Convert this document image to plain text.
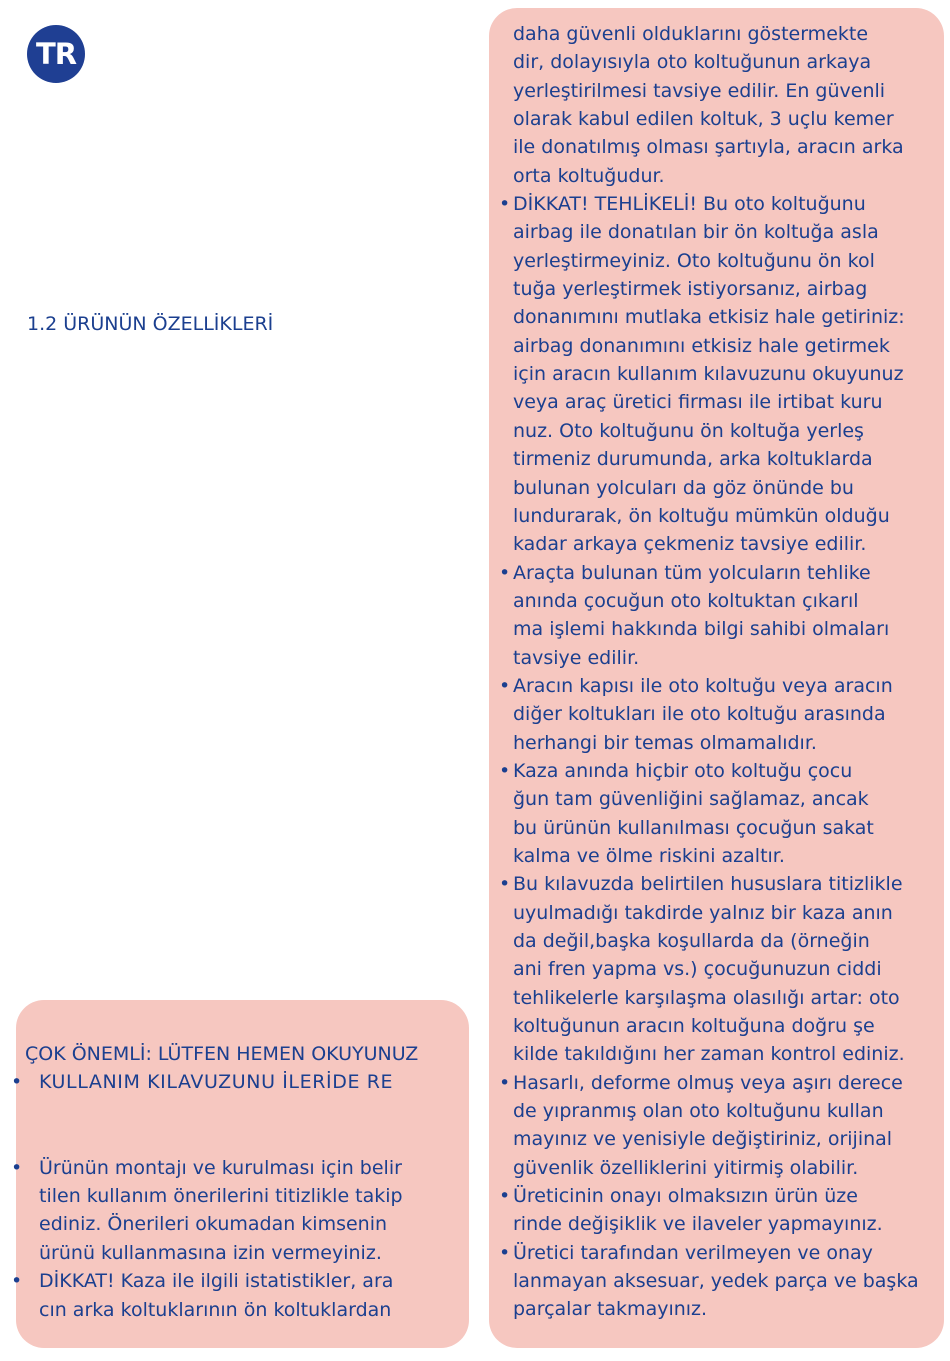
TR
1.2 ÜRÜNÜN ÖZELLİKLERİ
ÇOK ÖNEMLİ: LÜTFEN HEMEN OKUYUNUZ
• KULLANIM KILAVUZUNU İLERİDE RE
• Ürünün montajı ve kurulması için belir
tilen kullanım önerilerini titizlikle takip
ediniz. Önerileri okumadan kimsenin
ürünü kullanmasına izin vermeyiniz.
• DİKKAT! Kaza ile ilgili istatistikler, ara
cın arka koltuklarının ön koltuklardan
daha güvenli olduklarını göstermekte
dir, dolayısıyla oto koltuğunun arkaya
yerleştirilmesi tavsiye edilir. En güvenli
olarak kabul edilen koltuk, 3 uçlu kemer
ile donatılmış olması şartıyla, aracın arka
orta koltuğudur.
• DİKKAT! TEHLİKELİ! Bu oto koltuğunu
airbag ile donatılan bir ön koltuğa asla
yerleştirmeyiniz. Oto koltuğunu ön kol
tuğa yerleştirmek istiyorsanız, airbag
donanımını mutlaka etkisiz hale getiriniz:
airbag donanımını etkisiz hale getirmek
için aracın kullanım kılavuzunu okuyunuz
veya araç üretici firması ile irtibat kuru
nuz. Oto koltuğunu ön koltuğa yerleş
tirmeniz durumunda, arka koltuklarda
bulunan yolcuları da göz önünde bu
lundurarak, ön koltuğu mümkün olduğu
kadar arkaya çekmeniz tavsiye edilir.
• Araçta bulunan tüm yolcuların tehlike
anında çocuğun oto koltuktan çıkarıl
ma işlemi hakkında bilgi sahibi olmaları
tavsiye edilir.
• Aracın kapısı ile oto koltuğu veya aracın
diğer koltukları ile oto koltuğu arasında
herhangi bir temas olmamalıdır.
• Kaza anında hiçbir oto koltuğu çocu
ğun tam güvenliğini sağlamaz, ancak
bu ürünün kullanılması çocuğun sakat
kalma ve ölme riskini azaltır.
• Bu kılavuzda belirtilen hususlara titizlikle
uyulmadığı takdirde yalnız bir kaza anın
da değil,başka koşullarda da (örneğin
ani fren yapma vs.) çocuğunuzun ciddi
tehlikelerle karşılaşma olasılığı artar: oto
koltuğunun aracın koltuğuna doğru şe
kilde takıldığını her zaman kontrol ediniz.
• Hasarlı, deforme olmuş veya aşırı derece
de yıpranmış olan oto koltuğunu kullan
mayınız ve yenisiyle değiştiriniz, orijinal
güvenlik özelliklerini yitirmiş olabilir.
• Üreticinin onayı olmaksızın ürün üze
rinde değişiklik ve ilaveler yapmayınız.
• Üretici tarafından verilmeyen ve onay
lanmayan aksesuar, yedek parça ve başka
parçalar takmayınız.
